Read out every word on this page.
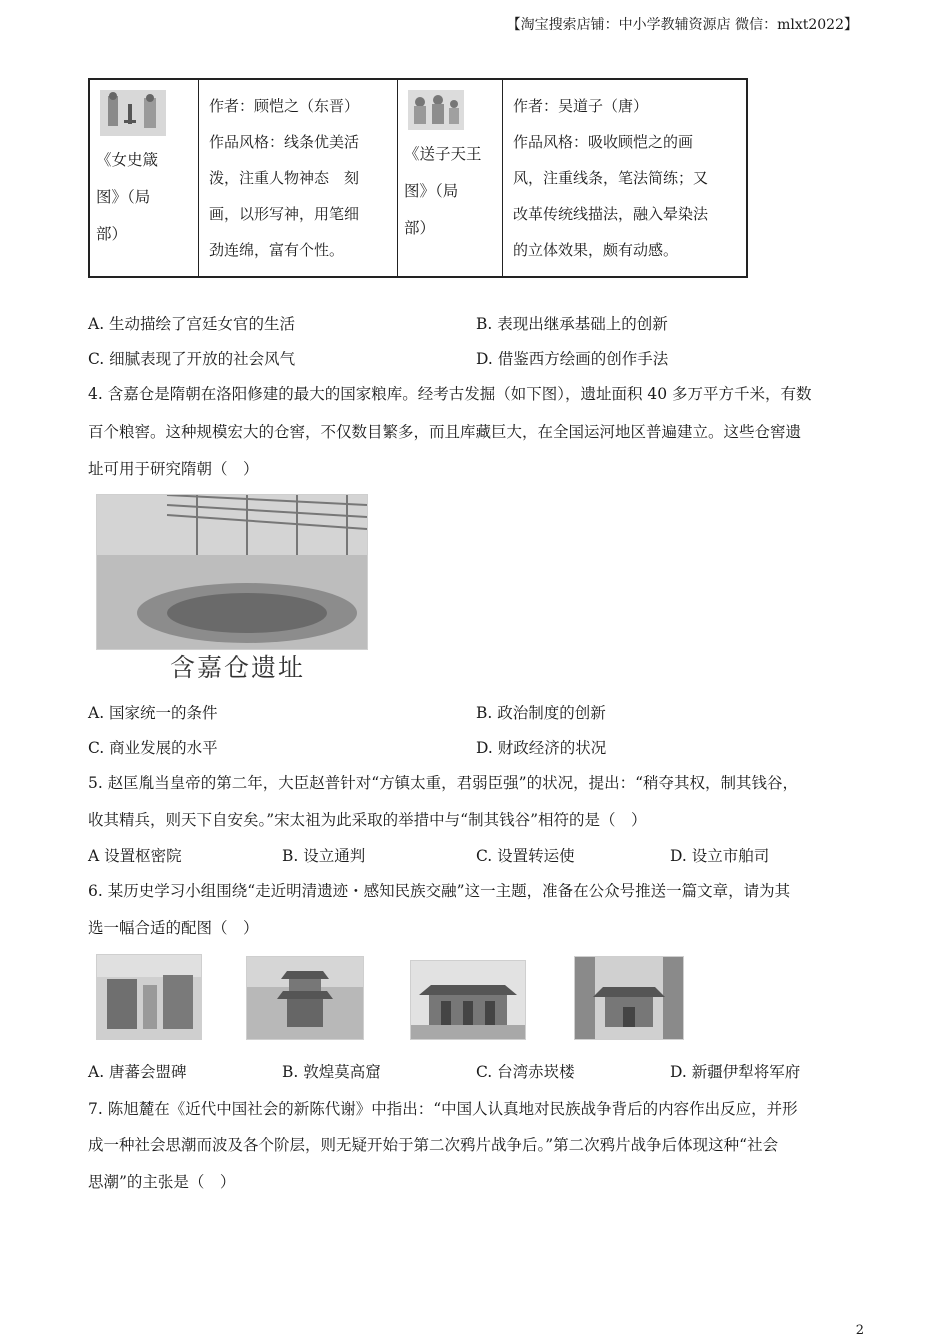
【淘宝搜索店铺：中小学教辅资源店 微信：mlxt2022】
《女史箴
图》（局
部）

作者：顾恺之（东晋）
作品风格：线条优美活
泼，注重人物神态　刻
画，以形写神，用笔细
劲连绵，富有个性。

《送子天王
图》（局
部）

作者：吴道子（唐）
作品风格：吸收顾恺之的画
风，注重线条，笔法简练；又
改革传统线描法，融入晕染法
的立体效果，颇有动感。
A. 生动描绘了宫廷女官的生活	B. 表现出继承基础上的创新
C. 细腻表现了开放的社会风气	D. 借鉴西方绘画的创作手法
4. 含嘉仓是隋朝在洛阳修建的最大的国家粮库。经考古发掘（如下图），遗址面积 40 多万平方千米，有数
百个粮窖。这种规模宏大的仓窖，不仅数目繁多，而且库藏巨大，在全国运河地区普遍建立。这些仓窖遗
址可用于研究隋朝（　）
含嘉仓遗址
A. 国家统一的条件	B. 政治制度的创新
C. 商业发展的水平	D. 财政经济的状况
5. 赵匡胤当皇帝的第二年，大臣赵普针对“方镇太重，君弱臣强”的状况，提出：“稍夺其权，制其钱谷，
收其精兵，则天下自安矣。”宋太祖为此采取的举措中与“制其钱谷”相符的是（　）
A 设置枢密院	B. 设立通判	C. 设置转运使	D. 设立市舶司
6. 某历史学习小组围绕“走近明清遗迹・感知民族交融”这一主题，准备在公众号推送一篇文章，请为其
选一幅合适的配图（　）
A. 唐蕃会盟碑	B. 敦煌莫高窟	C. 台湾赤崁楼	D. 新疆伊犁将军府
7. 陈旭麓在《近代中国社会的新陈代谢》中指出：“中国人认真地对民族战争背后的内容作出反应，并形
成一种社会思潮而波及各个阶层，则无疑开始于第二次鸦片战争后。”第二次鸦片战争后体现这种“社会
思潮”的主张是（　）
2
